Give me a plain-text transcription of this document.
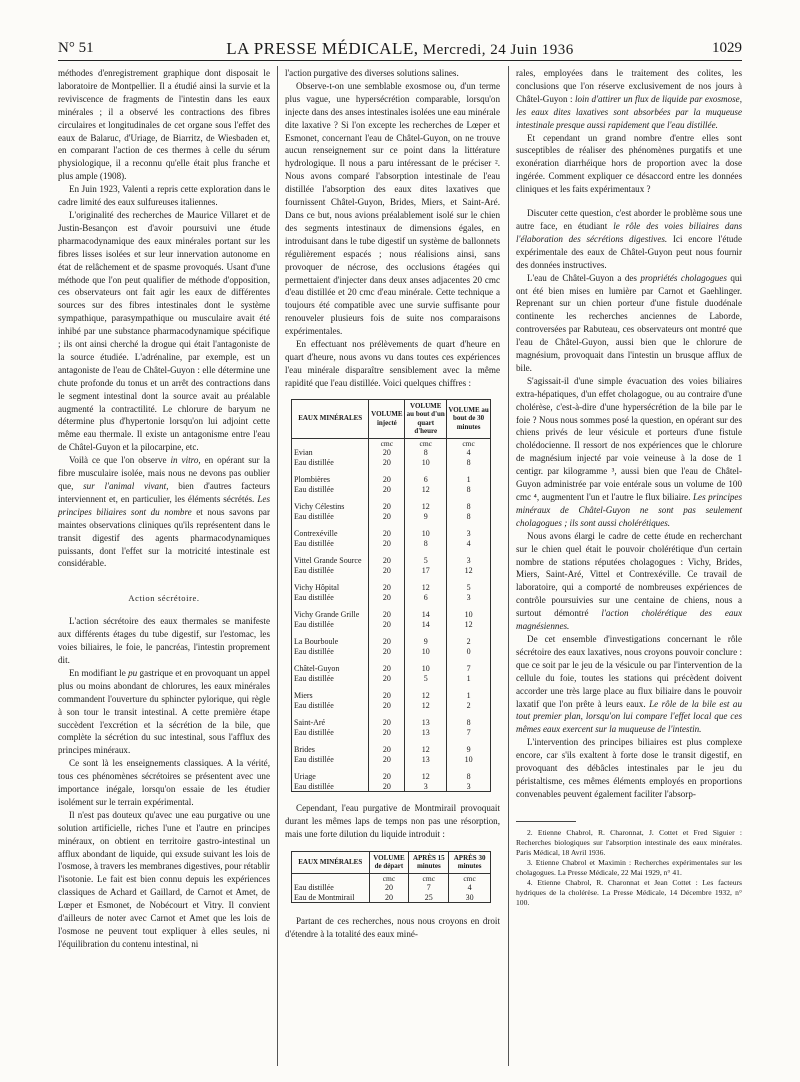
N° 51	LA PRESSE MÉDICALE, Mercredi, 24 Juin 1936	1029

méthodes d'enregistrement graphique dont disposait le laboratoire de Montpellier. Il a étudié ainsi la survie et la reviviscence de fragments de l'intestin dans les eaux minérales ; il a observé les contractions des fibres circulaires et longitudinales de cet organe sous l'effet des eaux de Balaruc, d'Uriage, de Biarritz, de Wiesbaden et, en comparant l'action de ces thermes à celle du sérum physiologique, il a reconnu qu'elle était plus franche et plus ample (1908).

En Juin 1923, Valenti a repris cette exploration dans le cadre limité des eaux sulfureuses italiennes.

L'originalité des recherches de Maurice Villaret et de Justin-Besançon est d'avoir poursuivi une étude pharmacodynamique des eaux minérales portant sur les fibres lisses isolées et sur leur innervation autonome en état de relâchement et de spasme provoqués. Usant d'une méthode que l'on peut qualifier de méthode d'opposition, ces observateurs ont fait agir les eaux de différentes sources sur des fibres intestinales dont le système sympathique, parasympathique ou musculaire avait été inhibé par une substance pharmacodynamique spécifique ; ils ont ainsi cherché la drogue qui était l'antagoniste de la source étudiée. L'adrénaline, par exemple, est un antagoniste de l'eau de Châtel-Guyon : elle détermine une chute profonde du tonus et un arrêt des contractions dans le segment intestinal dont la source avait au préalable augmenté la contractilité. Le chlorure de baryum ne détermine plus d'hypertonie lorsqu'on lui adjoint cette même eau thermale. Il existe un antagonisme entre l'eau de Châtel-Guyon et la pilocarpine, etc.

Voilà ce que l'on observe in vitro, en opérant sur la fibre musculaire isolée, mais nous ne devons pas oublier que, sur l'animal vivant, bien d'autres facteurs interviennent et, en particulier, les éléments sécrétés. Les principes biliaires sont du nombre et nous savons par maintes observations cliniques qu'ils représentent dans le transit digestif des agents pharmacodynamiques puissants, dont l'effet sur la motricité intestinale est considérable.

Action sécrétoire.

L'action sécrétoire des eaux thermales se manifeste aux différents étages du tube digestif, sur l'estomac, les voies biliaires, le foie, le pancréas, l'intestin proprement dit.

En modifiant le pu gastrique et en provoquant un appel plus ou moins abondant de chlorures, les eaux minérales commandent l'ouverture du sphincter pylorique, qui règle à son tour le transit intestinal. A cette première étape succèdent l'excrétion et la sécrétion de la bile, que complète la sécrétion du suc intestinal, sous l'afflux des principes minéraux.

Ce sont là les enseignements classiques. A la vérité, tous ces phénomènes sécrétoires se présentent avec une importance inégale, lorsqu'on essaie de les étudier isolément sur le terrain expérimental.

Il n'est pas douteux qu'avec une eau purgative ou une solution artificielle, riches l'une et l'autre en principes minéraux, on obtient en territoire gastro-intestinal un afflux abondant de liquide, qui exsude suivant les lois de l'osmose, à travers les membranes digestives, pour rétablir l'isotonie. Le fait est bien connu depuis les expériences classiques de Achard et Gaillard, de Carnot et Amet, de Lœper et Esmonet, de Nobécourt et Vitry. Il convient d'ailleurs de noter avec Carnot et Amet que les lois de l'osmose ne peuvent tout expliquer à elles seules, ni l'équilibration du contenu intestinal, ni

l'action purgative des diverses solutions salines.

Observe-t-on une semblable exosmose ou, d'un terme plus vague, une hypersécrétion comparable, lorsqu'on injecte dans des anses intestinales isolées une eau minérale dite laxative ? Si l'on excepte les recherches de Lœper et Esmonet, concernant l'eau de Châtel-Guyon, on ne trouve aucun renseignement sur ce point dans la littérature hydrologique. Il nous a paru intéressant de le préciser ². Nous avons comparé l'absorption intestinale de l'eau distillée l'absorption des eaux dites laxatives que fournissent Châtel-Guyon, Brides, Miers, et Saint-Aré. Dans ce but, nous avions préalablement isolé sur le chien des segments intestinaux de dimensions égales, en introduisant dans le tube digestif un système de ballonnets régulièrement espacés ; nous réalisions ainsi, sans provoquer de nécrose, des occlusions étagées qui permettaient d'injecter dans deux anses adjacentes 20 cmc d'eau distillée et 20 cmc d'eau minérale. Cette technique a toujours été compatible avec une survie suffisante pour renouveler plusieurs fois de suite nos comparaisons expérimentales.

En effectuant nos prélèvements de quart d'heure en quart d'heure, nous avons vu dans toutes ces expériences l'eau minérale disparaître sensiblement avec la même rapidité que l'eau distillée. Voici quelques chiffres :

EAUX MINÉRALES	VOLUME injecté	VOLUME au bout d'un quart d'heure	VOLUME au bout de 30 minutes
	cmc	cmc	cmc
Evian	20	8	4
Eau distillée	20	10	8

Plombières	20	6	1
Eau distillée	20	12	8

Vichy Célestins	20	12	8
Eau distillée	20	9	8

Contrexéville	20	10	3
Eau distillée	20	8	4

Vittel Grande Source	20	5	3
Eau distillée	20	17	12

Vichy Hôpital	20	12	5
Eau distillée	20	6	3

Vichy Grande Grille	20	14	10
Eau distillée	20	14	12

La Bourboule	20	9	2
Eau distillée	20	10	0

Châtel-Guyon	20	10	7
Eau distillée	20	5	1

Miers	20	12	1
Eau distillée	20	12	2

Saint-Aré	20	13	8
Eau distillée	20	13	7

Brides	20	12	9
Eau distillée	20	13	10

Uriage	20	12	8
Eau distillée	20	3	3

Cependant, l'eau purgative de Montmirail provoquait durant les mêmes laps de temps non pas une résorption, mais une forte dilution du liquide introduit :

EAUX MINÉRALES	VOLUME de départ	APRÈS 15 minutes	APRÈS 30 minutes
	cmc	cmc	cmc
Eau distillée	20	7	4
Eau de Montmirail	20	25	30

Partant de ces recherches, nous nous croyons en droit d'étendre à la totalité des eaux miné-

rales, employées dans le traitement des colites, les conclusions que l'on réserve exclusivement de nos jours à Châtel-Guyon : loin d'attirer un flux de liquide par exosmose, les eaux dites laxatives sont absorbées par la muqueuse intestinale presque aussi rapidement que l'eau distillée.

Et cependant un grand nombre d'entre elles sont susceptibles de réaliser des phénomènes purgatifs et une exonération diarrhéique hors de proportion avec la dose ingérée. Comment expliquer ce désaccord entre les données cliniques et les faits expérimentaux ?

Discuter cette question, c'est aborder le problème sous une autre face, en étudiant le rôle des voies biliaires dans l'élaboration des sécrétions digestives. Ici encore l'étude expérimentale des eaux de Châtel-Guyon peut nous fournir des données instructives.

L'eau de Châtel-Guyon a des propriétés cholagogues qui ont été bien mises en lumière par Carnot et Gaehlinger. Reprenant sur un chien porteur d'une fistule duodénale continente les recherches anciennes de Laborde, controversées par Rabuteau, ces observateurs ont montré que l'eau de Châtel-Guyon, aussi bien que le chlorure de magnésium, provoquait dans l'intestin un brusque afflux de bile.

S'agissait-il d'une simple évacuation des voies biliaires extra-hépatiques, d'un effet cholagogue, ou au contraire d'une cholérèse, c'est-à-dire d'une hypersécrétion de la bile par le foie ? Nous nous sommes posé la question, en opérant sur des chiens privés de leur vésicule et porteurs d'une fistule cholédocienne. Il ressort de nos expériences que le chlorure de magnésium injecté par voie veineuse à la dose de 1 centigr. par kilogramme ³, aussi bien que l'eau de Châtel-Guyon administrée par voie entérale sous un volume de 100 cmc ⁴, augmentent l'un et l'autre le flux biliaire. Les principes minéraux de Châtel-Guyon ne sont pas seulement cholagogues ; ils sont aussi cholérétiques.

Nous avons élargi le cadre de cette étude en recherchant sur le chien quel était le pouvoir cholérétique d'un certain nombre de stations réputées cholagogues : Vichy, Brides, Miers, Saint-Aré, Vittel et Contrexéville. Ce travail de laboratoire, qui a comporté de nombreuses expériences de contrôle poursuivies sur une centaine de chiens, nous a surtout démontré l'action cholérétique des eaux magnésiennes.

De cet ensemble d'investigations concernant le rôle sécrétoire des eaux laxatives, nous croyons pouvoir conclure : que ce soit par le jeu de la vésicule ou par l'intervention de la cellule du foie, toutes les stations qui précèdent doivent accorder une très large place au flux biliaire dans le pouvoir laxatif que l'on prête à leurs eaux. Le rôle de la bile est au tout premier plan, lorsqu'on lui compare l'effet local que ces mêmes eaux exercent sur la muqueuse de l'intestin.

L'intervention des principes biliaires est plus complexe encore, car s'ils exaltent à forte dose le transit digestif, en provoquant des débâcles intestinales par le jeu du péristaltisme, ces mêmes éléments employés en proportions convenables peuvent également faciliter l'absorp-

2. Etienne Chabrol, R. Charonnat, J. Cottet et Fred Siguier : Recherches biologiques sur l'absorption intestinale des eaux minérales. Paris Médical, 18 Avril 1936.

3. Etienne Chabrol et Maximin : Recherches expérimentales sur les cholagogues. La Presse Médicale, 22 Mai 1929, n° 41.

4. Etienne Chabrol, R. Charonnat et Jean Cottet : Les facteurs hydriques de la cholérèse. La Presse Médicale, 14 Décembre 1932, n° 100.
